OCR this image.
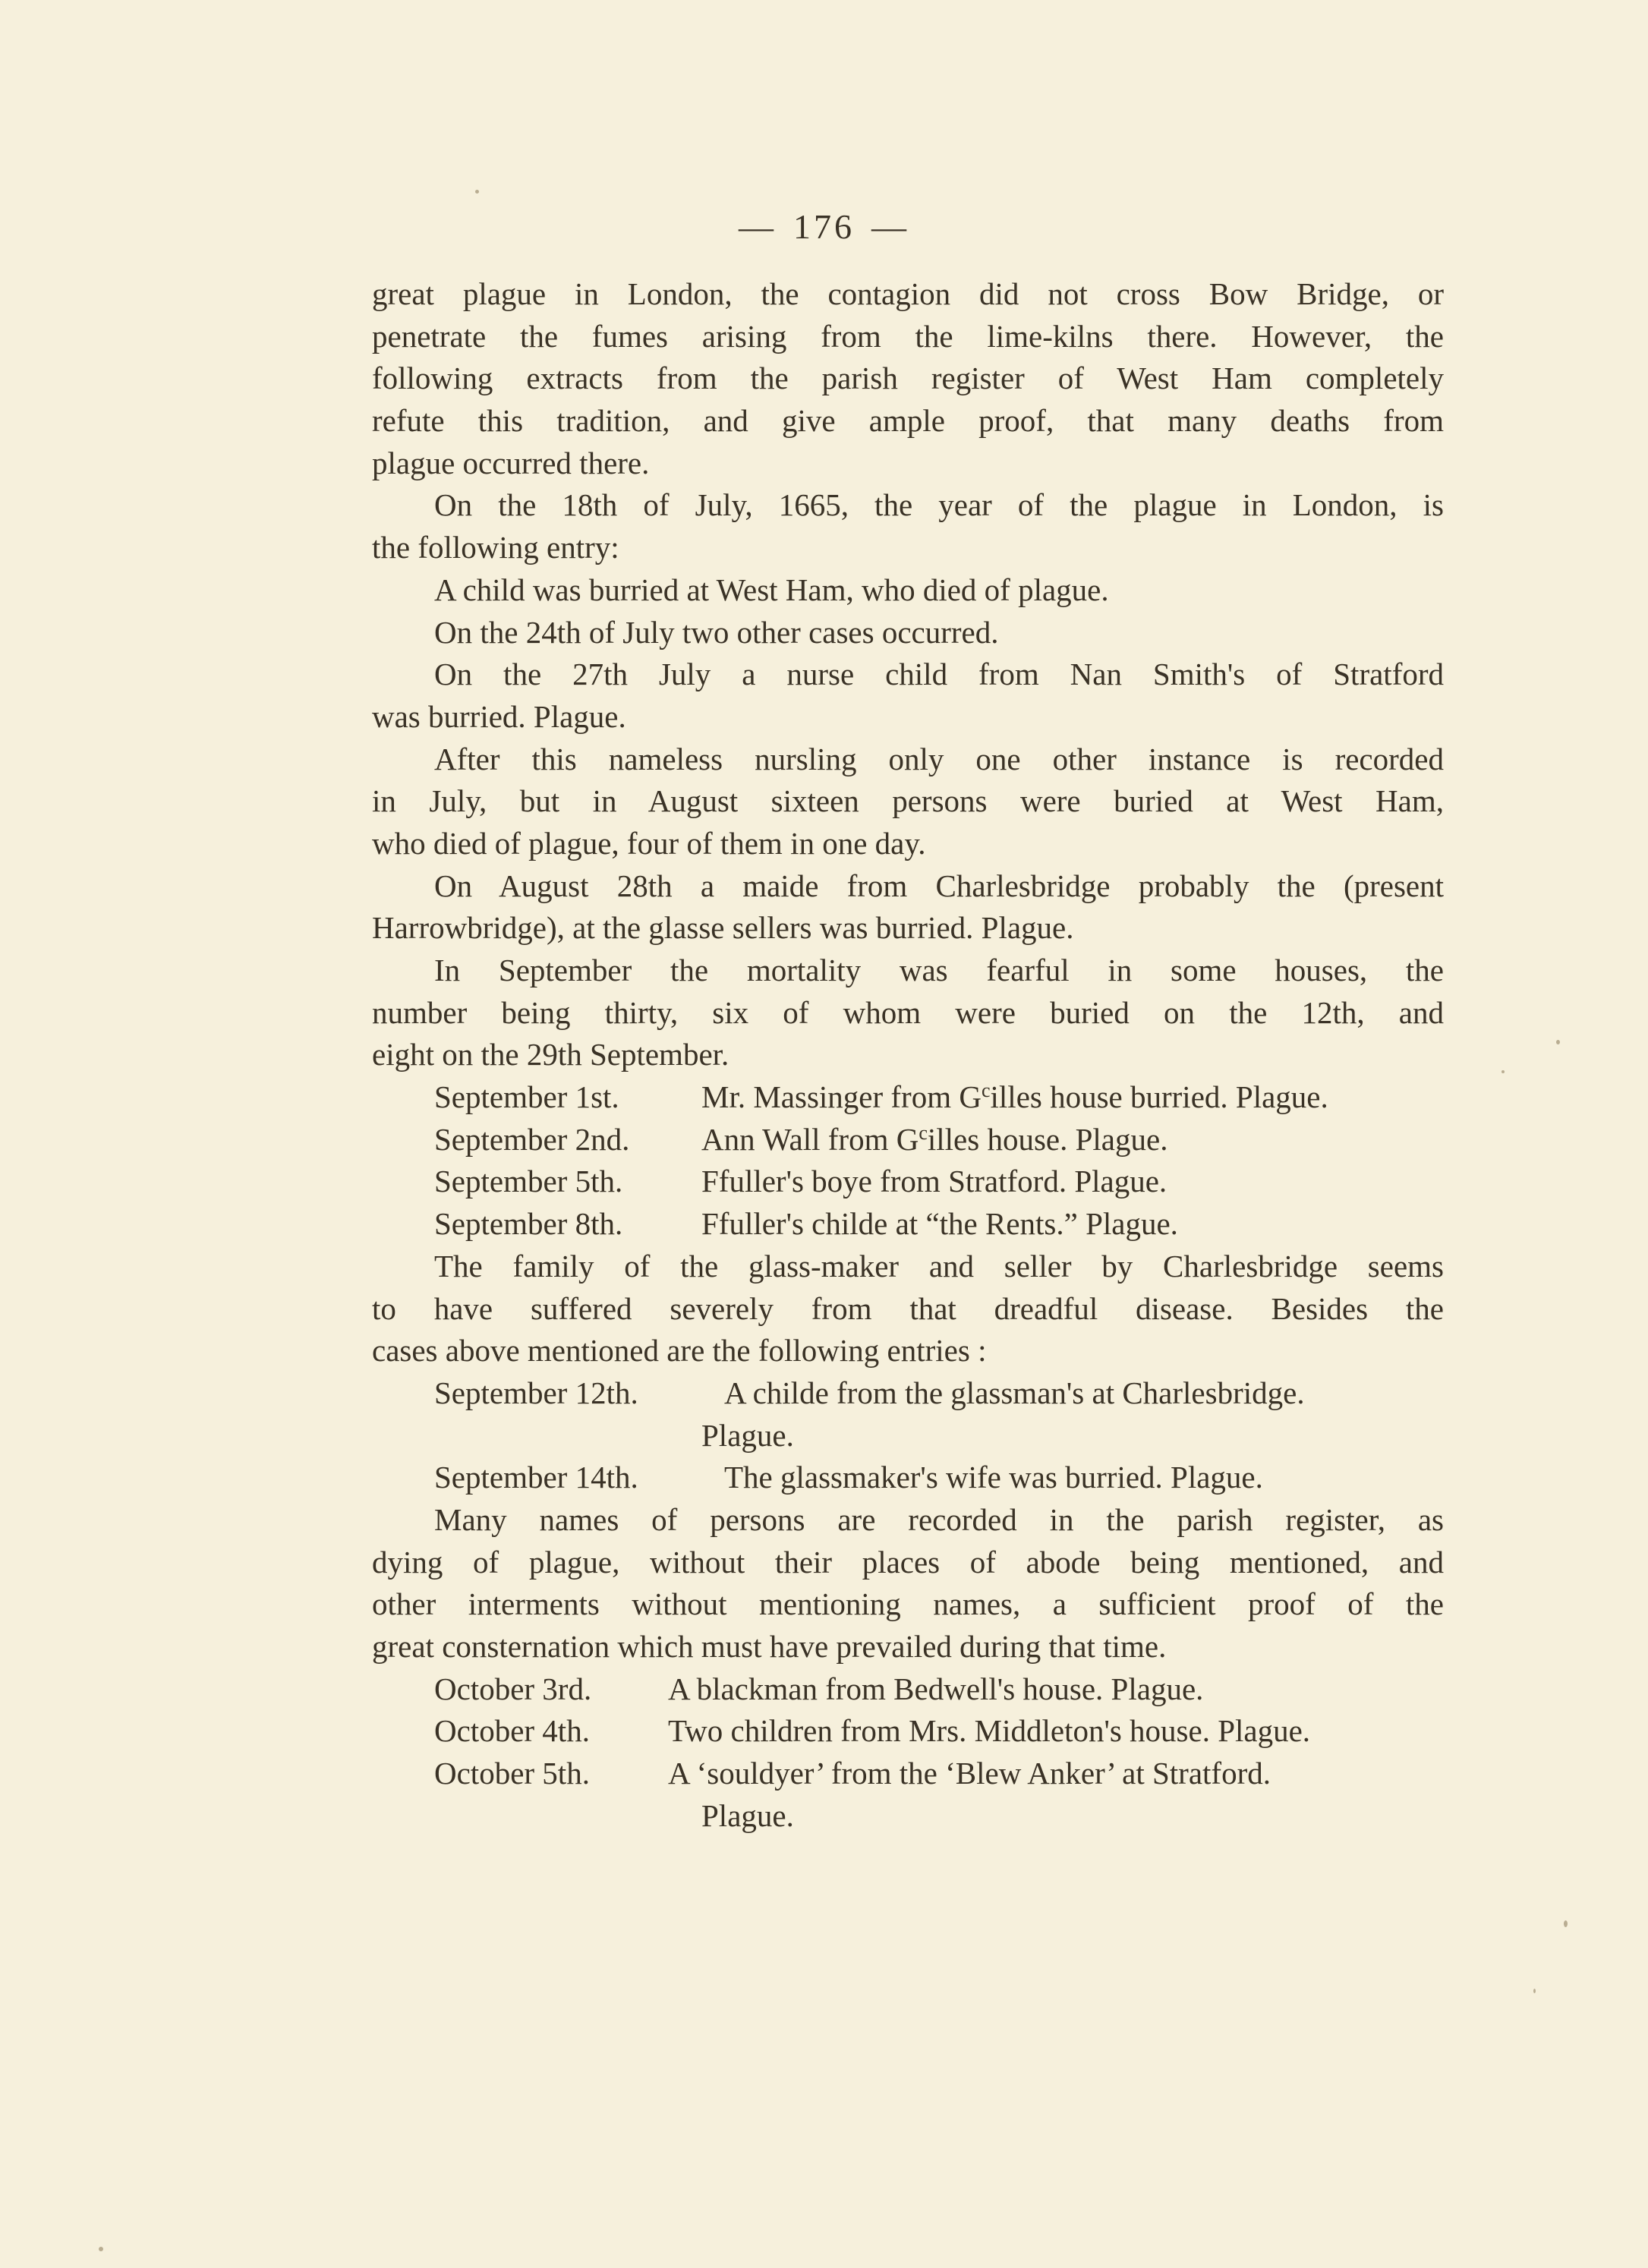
— 176 —
great plague in London, the contagion did not cross Bow Bridge, or
penetrate the fumes arising from the lime-kilns there. However, the
following extracts from the parish register of West Ham completely
refute this tradition, and give ample proof, that many deaths from
plague occurred there.
On the 18th of July, 1665, the year of the plague in London, is
the following entry:
A child was burried at West Ham, who died of plague.
On the 24th of July two other cases occurred.
On the 27th July a nurse child from Nan Smith's of Stratford
was burried. Plague.
After this nameless nursling only one other instance is recorded
in July, but in August sixteen persons were buried at West Ham,
who died of plague, four of them in one day.
On August 28th a maide from Charlesbridge probably the (present
Harrowbridge), at the glasse sellers was burried. Plague.
In September the mortality was fearful in some houses, the
number being thirty, six of whom were buried on the 12th, and
eight on the 29th September.
September 1st.	Mr. Massinger from $G^cilles$ house burried. Plague.
September 2nd. Ann Wall from $G^cilles$ house. Plague.
September 5th.	Ffuller's boye from Stratford. Plague.
September 8th.	Ffuller's childe at “the Rents.” Plague.
The family of the glass-maker and seller by Charlesbridge seems
to have suffered severely from that dreadful disease. Besides the
cases above mentioned are the following entries :
September 12th.	A childe from the glassman's at Charlesbridge.
Plague.
September 14th.	The glassmaker's wife was burried. Plague.
Many names of persons are recorded in the parish register, as
dying of plague, without their places of abode being mentioned, and
other interments without mentioning names, a sufficient proof of the
great consternation which must have prevailed during that time.
October 3rd. A blackman from Bedwell's house. Plague.
October 4th.	Two children from Mrs. Middleton's house. Plague.
October 5th.	A ‘souldyer’ from the ‘Blew Anker’ at Stratford.
Plague.
